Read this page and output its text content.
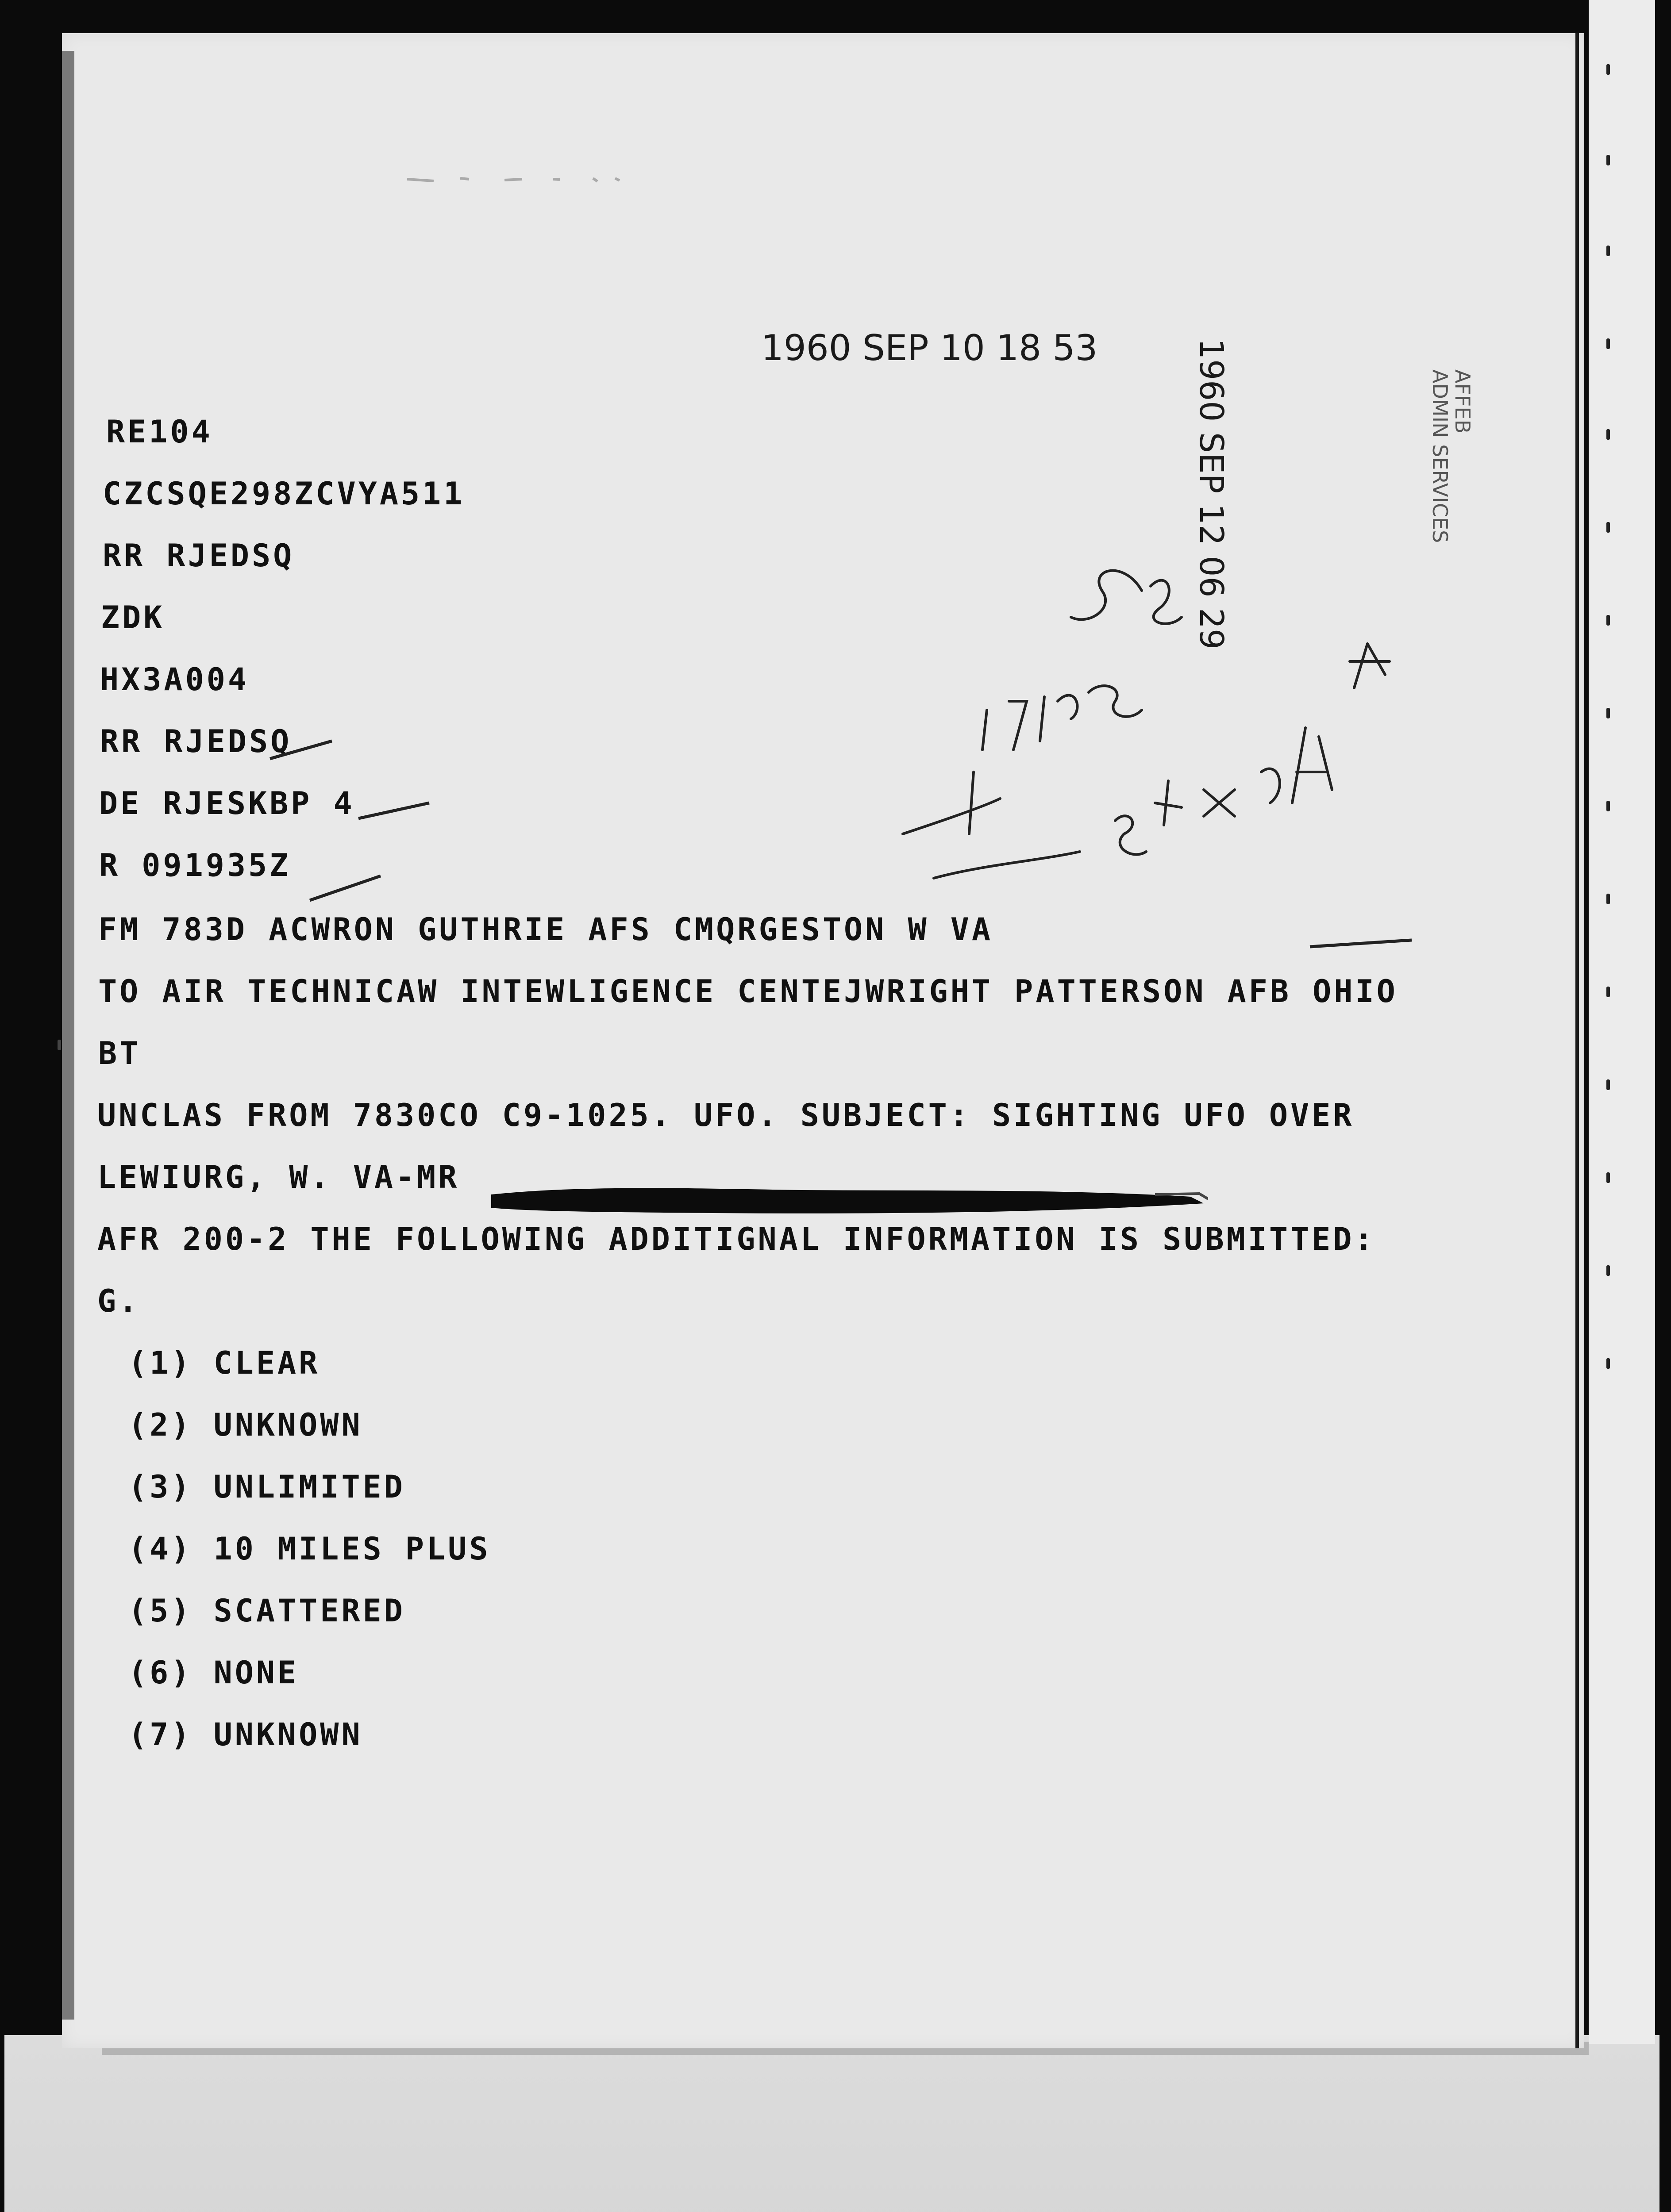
1960 SEP 10 18 53
RE104
CZCSQE298ZCVYA511
RR RJEDSQ
ZDK
HX3A004
RR RJEDSQ
DE RJESKBP 4
R 091935Z
FM 783D ACWRON GUTHRIE AFS CMQRGESTON W VA
TO AIR TECHNICAW INTEWLIGENCE CENTEJWRIGHT PATTERSON AFB OHIO
BT
UNCLAS FROM 7830CO C9-1025. UFO. SUBJECT: SIGHTING UFO OVER
LEWIURG, W. VA-MR
AFR 200-2 THE FOLLOWING ADDITIGNAL INFORMATION IS SUBMITTED:
G.
(1) CLEAR
(2) UNKNOWN
(3) UNLIMITED
(4) 10 MILES PLUS
(5) SCATTERED
(6) NONE
(7) UNKNOWN
1960 SEP 12 06 29	AFFEB
ADMIN SERVICES
